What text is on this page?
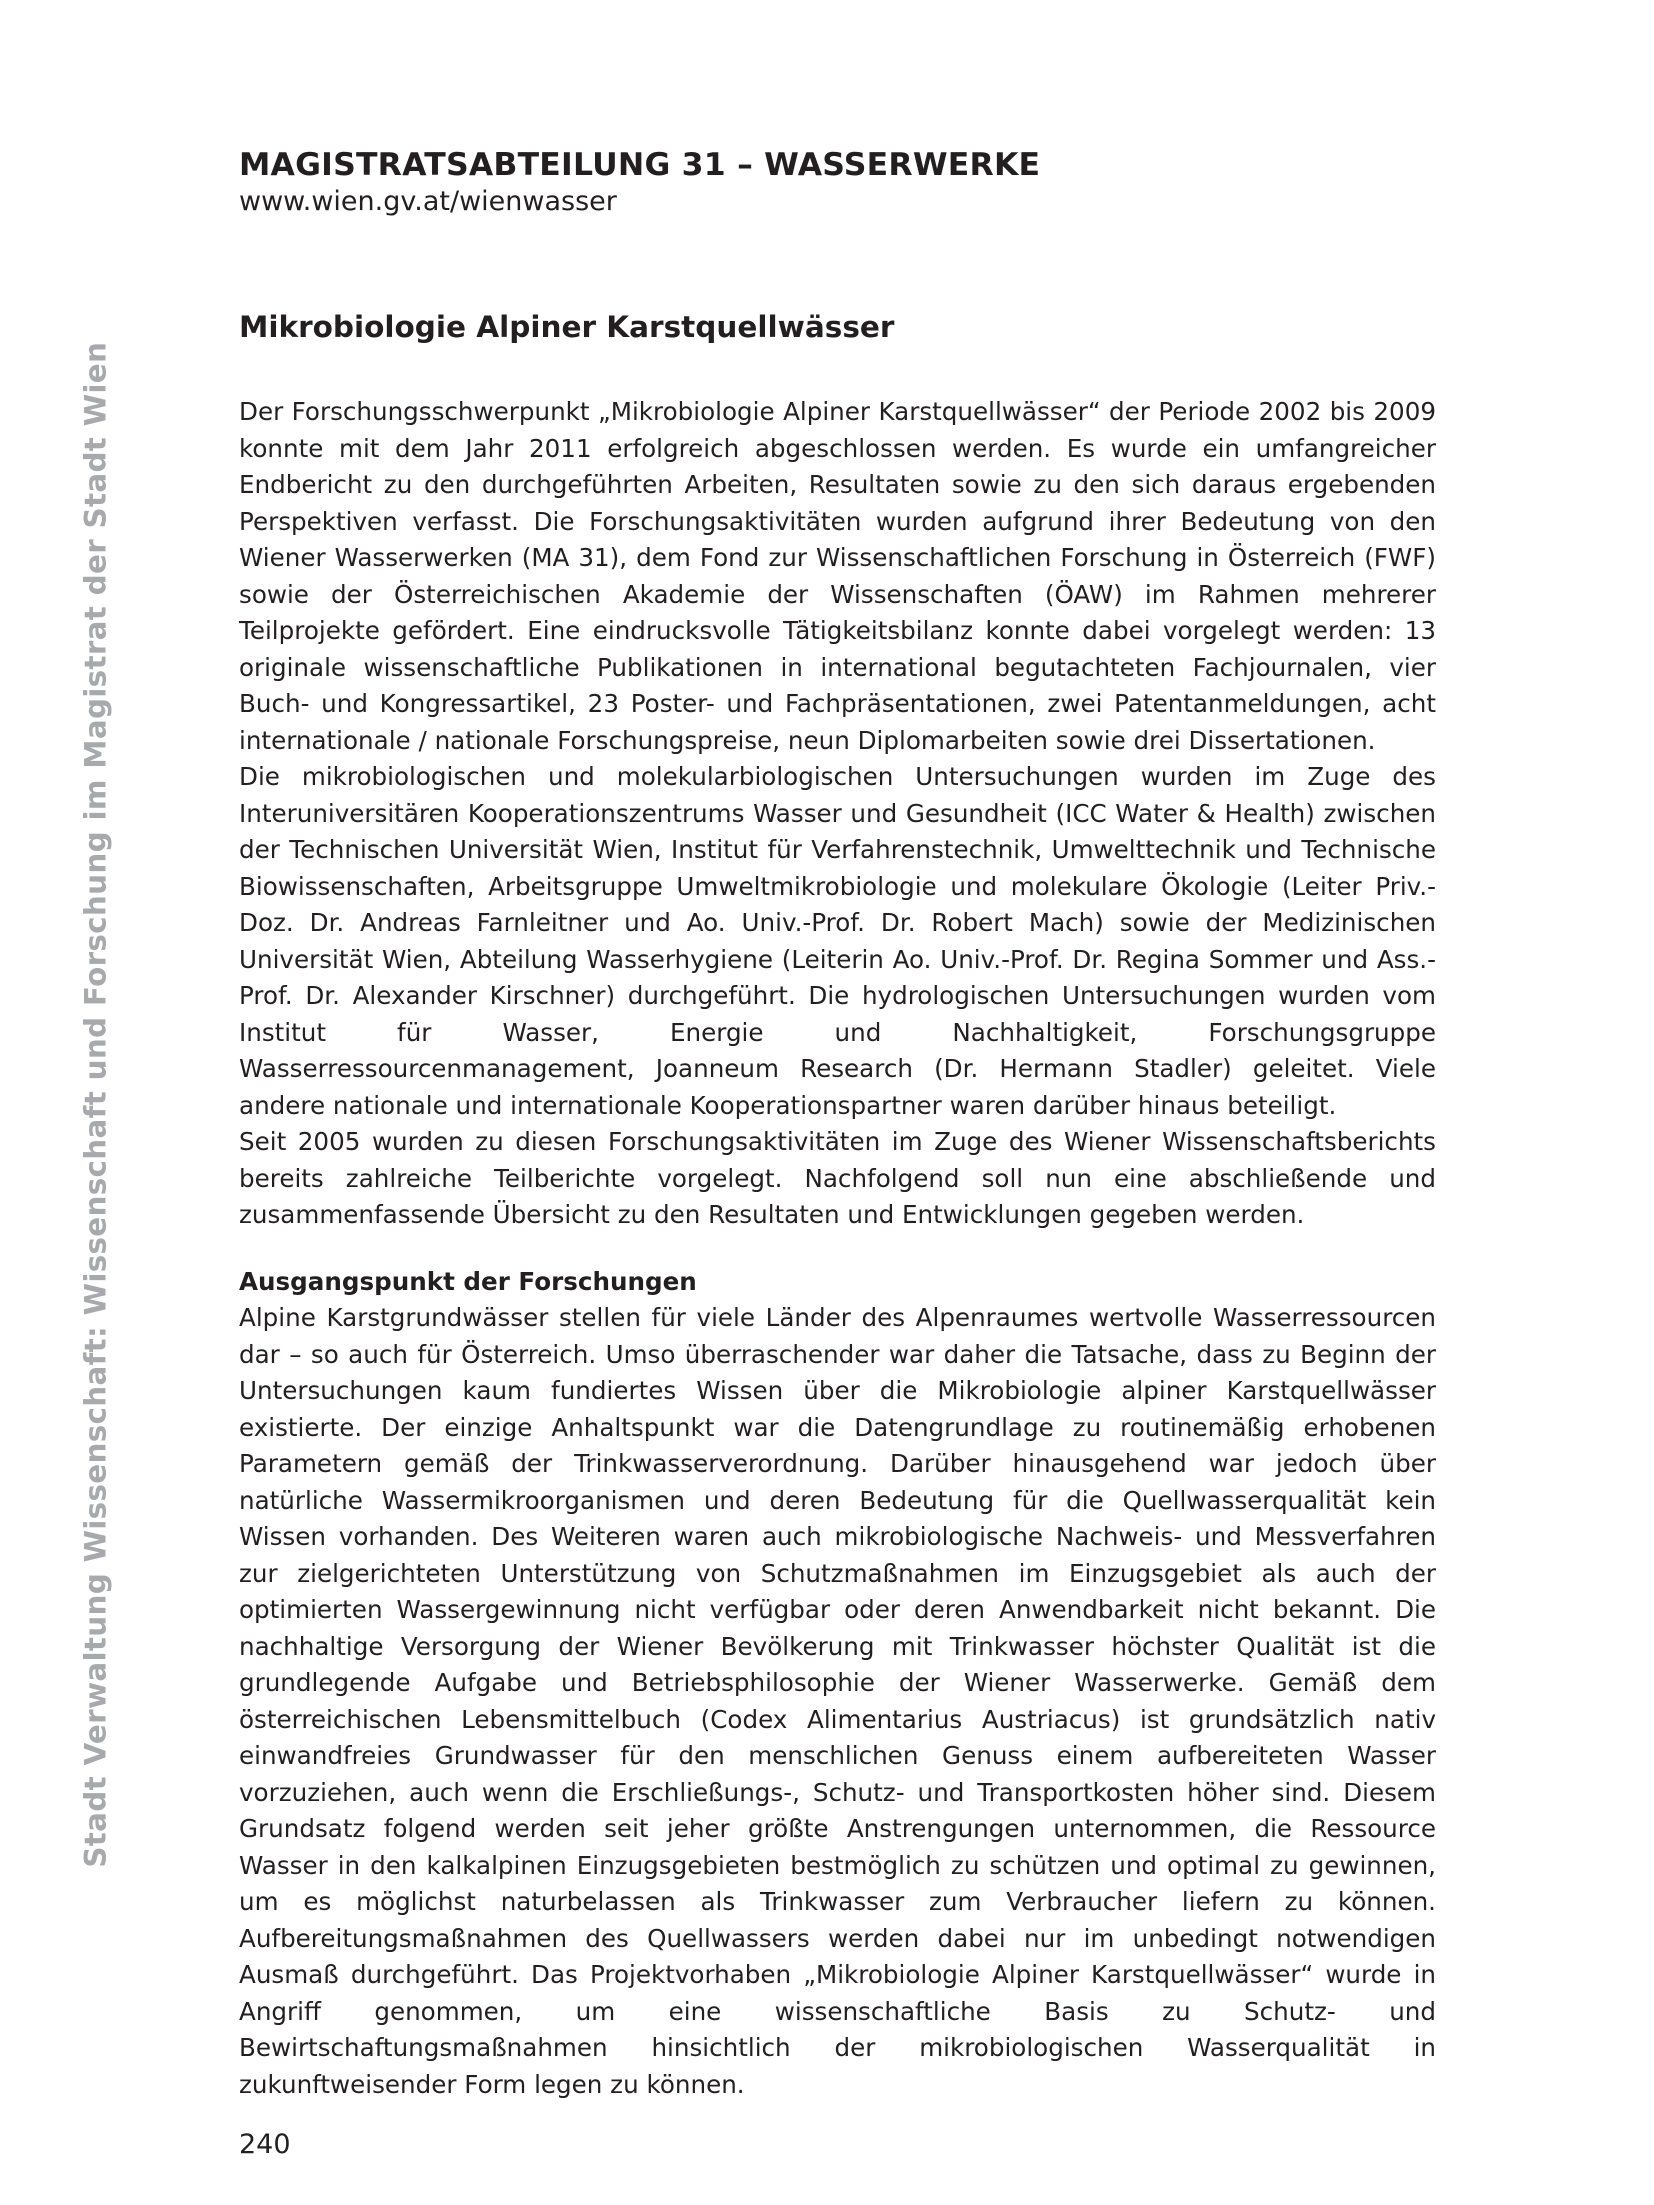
Stadt Verwaltung Wissenschaft: Wissenschaft und Forschung im Magistrat der Stadt Wien
MAGISTRATSABTEILUNG 31 – WASSERWERKE

www.wien.gv.at/wienwasser

Mikrobiologie Alpiner Karstquellwässer

Der Forschungsschwerpunkt „Mikrobiologie Alpiner Karstquellwässer“ der Periode 2002 bis 2009 konnte mit dem Jahr 2011 erfolgreich abgeschlossen werden. Es wurde ein umfangreicher Endbericht zu den durchgeführten Arbeiten, Resultaten sowie zu den sich daraus ergebenden Perspektiven verfasst. Die Forschungsaktivitäten wurden aufgrund ihrer Bedeutung von den Wiener Wasserwerken (MA 31), dem Fond zur Wissenschaftlichen Forschung in Österreich (FWF) sowie der Österreichischen Akademie der Wissenschaften (ÖAW) im Rahmen mehrerer Teilprojekte gefördert. Eine eindrucksvolle Tätigkeitsbilanz konnte dabei vorgelegt werden: 13 originale wissenschaftliche Publikationen in international begutachteten Fachjournalen, vier Buch- und Kongressartikel, 23 Poster- und Fachpräsentationen, zwei Patentanmeldungen, acht internationale / nationale Forschungspreise, neun Diplomarbeiten sowie drei Dissertationen.

Die mikrobiologischen und molekularbiologischen Untersuchungen wurden im Zuge des Interuniversitären Kooperationszentrums Wasser und Gesundheit (ICC Water & Health) zwischen der Technischen Universität Wien, Institut für Verfahrenstechnik, Umwelttechnik und Technische Biowissenschaften, Arbeitsgruppe Umweltmikrobiologie und molekulare Ökologie (Leiter Priv.-Doz. Dr. Andreas Farnleitner und Ao. Univ.-Prof. Dr. Robert Mach) sowie der Medizinischen Universität Wien, Abteilung Wasserhygiene (Leiterin Ao. Univ.-Prof. Dr. Regina Sommer und Ass.-Prof. Dr. Alexander Kirschner) durchgeführt. Die hydrologischen Untersuchungen wurden vom Institut für Wasser, Energie und Nachhaltigkeit, Forschungsgruppe Wasserressourcenmanagement, Joanneum Research (Dr. Hermann Stadler) geleitet. Viele andere nationale und internationale Kooperationspartner waren darüber hinaus beteiligt.

Seit 2005 wurden zu diesen Forschungsaktivitäten im Zuge des Wiener Wissenschaftsberichts bereits zahlreiche Teilberichte vorgelegt. Nachfolgend soll nun eine abschließende und zusammenfassende Übersicht zu den Resultaten und Entwicklungen gegeben werden.

Ausgangspunkt der Forschungen

Alpine Karstgrundwässer stellen für viele Länder des Alpenraumes wertvolle Wasserressourcen dar – so auch für Österreich. Umso überraschender war daher die Tatsache, dass zu Beginn der Untersuchungen kaum fundiertes Wissen über die Mikrobiologie alpiner Karstquellwässer existierte. Der einzige Anhaltspunkt war die Datengrundlage zu routinemäßig erhobenen Parametern gemäß der Trinkwasserverordnung. Darüber hinausgehend war jedoch über natürliche Wassermikroorganismen und deren Bedeutung für die Quellwasserqualität kein Wissen vorhanden. Des Weiteren waren auch mikrobiologische Nachweis- und Messverfahren zur zielgerichteten Unterstützung von Schutzmaßnahmen im Einzugsgebiet als auch der optimierten Wassergewinnung nicht verfügbar oder deren Anwendbarkeit nicht bekannt. Die nachhaltige Versorgung der Wiener Bevölkerung mit Trinkwasser höchster Qualität ist die grundlegende Aufgabe und Betriebsphilosophie der Wiener Wasserwerke. Gemäß dem österreichischen Lebensmittelbuch (Codex Alimentarius Austriacus) ist grundsätzlich nativ einwandfreies Grundwasser für den menschlichen Genuss einem aufbereiteten Wasser vorzuziehen, auch wenn die Erschließungs-, Schutz- und Transportkosten höher sind. Diesem Grundsatz folgend werden seit jeher größte Anstrengungen unternommen, die Ressource Wasser in den kalkalpinen Einzugsgebieten bestmöglich zu schützen und optimal zu gewinnen, um es möglichst naturbelassen als Trinkwasser zum Verbraucher liefern zu können. Aufbereitungsmaßnahmen des Quellwassers werden dabei nur im unbedingt notwendigen Ausmaß durchgeführt. Das Projektvorhaben „Mikrobiologie Alpiner Karstquellwässer“ wurde in Angriff genommen, um eine wissenschaftliche Basis zu Schutz- und Bewirtschaftungsmaßnahmen hinsichtlich der mikrobiologischen Wasserqualität in zukunftweisender Form legen zu können.

240
